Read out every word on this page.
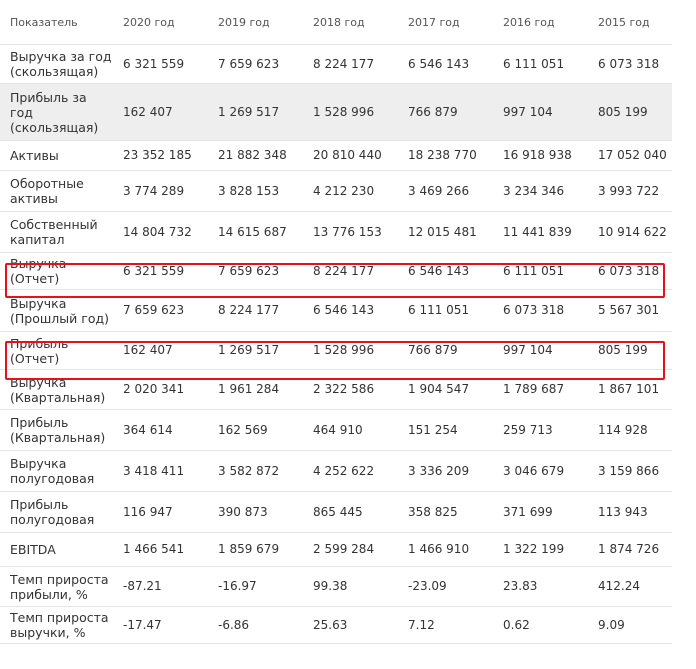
Показатель	2020 год	2019 год	2018 год	2017 год	2016 год	2015 год

Выручка за год
(скользящая)	6 321 559	7 659 623	8 224 177	6 546 143	6 111 051	6 073 318

Прибыль за
год
(скользящая)	162 407	1 269 517	1 528 996	766 879	997 104	805 199

Активы	23 352 185	21 882 348	20 810 440	18 238 770	16 918 938	17 052 040

Оборотные
активы	3 774 289	3 828 153	4 212 230	3 469 266	3 234 346	3 993 722

Собственный
капитал	14 804 732	14 615 687	13 776 153	12 015 481	11 441 839	10 914 622

Выручка
(Отчет)	6 321 559	7 659 623	8 224 177	6 546 143	6 111 051	6 073 318

Выручка
(Прошлый год)	7 659 623	8 224 177	6 546 143	6 111 051	6 073 318	5 567 301

Прибыль
(Отчет)	162 407	1 269 517	1 528 996	766 879	997 104	805 199

Выручка
(Квартальная)	2 020 341	1 961 284	2 322 586	1 904 547	1 789 687	1 867 101

Прибыль
(Квартальная)	364 614	162 569	464 910	151 254	259 713	114 928

Выручка
полугодовая	3 418 411	3 582 872	4 252 622	3 336 209	3 046 679	3 159 866

Прибыль
полугодовая	116 947	390 873	865 445	358 825	371 699	113 943

EBITDA	1 466 541	1 859 679	2 599 284	1 466 910	1 322 199	1 874 726

Темп прироста
прибыли, %	-87.21	-16.97	99.38	-23.09	23.83	412.24

Темп прироста
выручки, %	-17.47	-6.86	25.63	7.12	0.62	9.09
